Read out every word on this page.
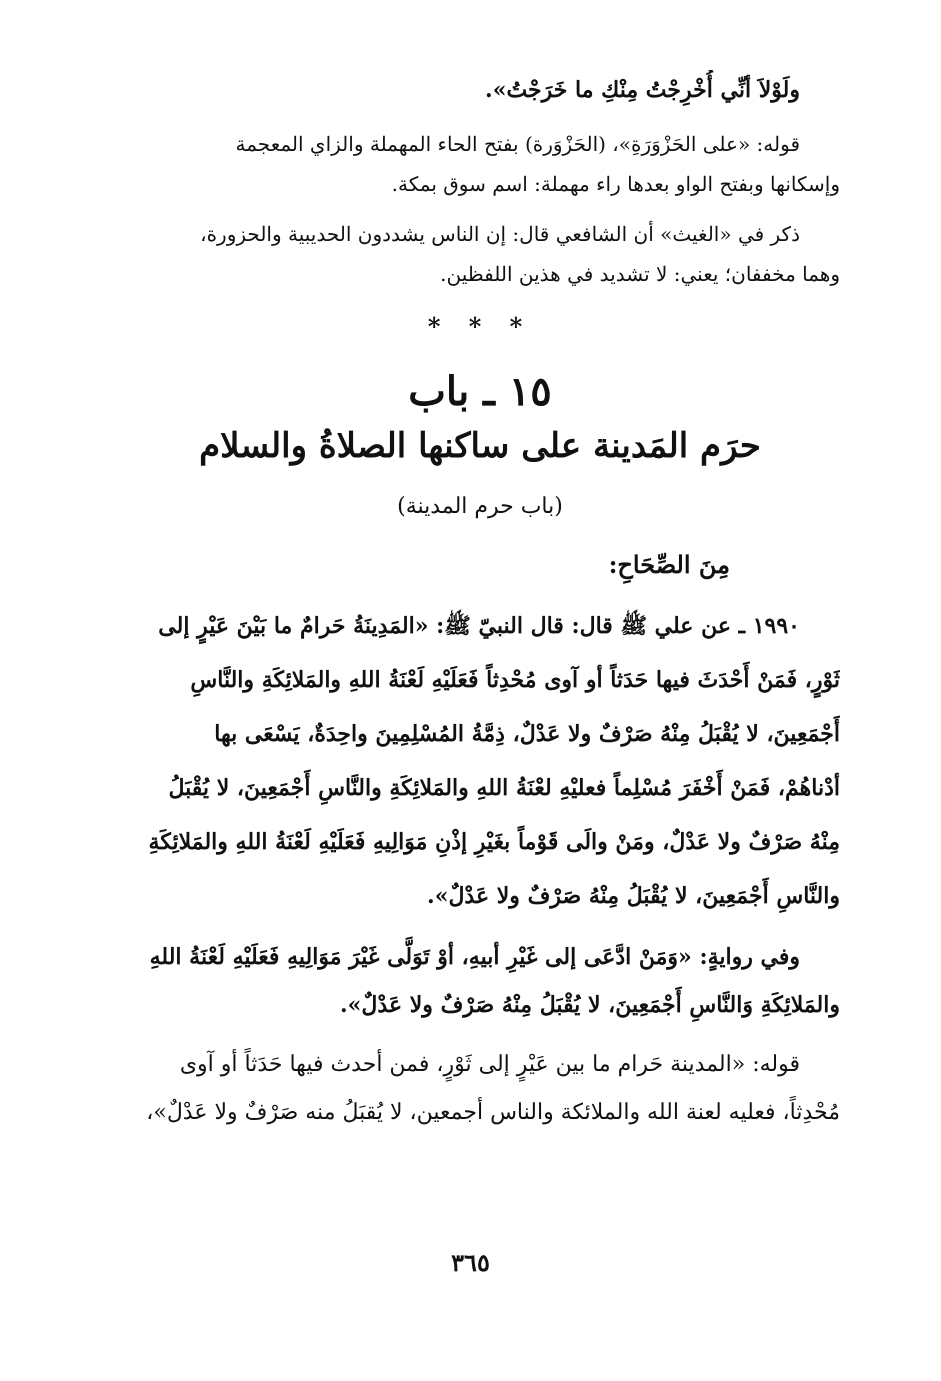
ولَوْلاَ أنِّي أُخْرِجْتُ مِنْكِ ما خَرَجْتُ».
قوله: «على الحَزْوَرَةِ»، (الحَزْوَرة) بفتح الحاء المهملة والزاي المعجمة
وإسكانها وبفتح الواو بعدها راء مهملة: اسم سوق بمكة.
ذكر في «الغيث» أن الشافعي قال: إن الناس يشددون الحديبية والحزورة،
وهما مخففان؛ يعني: لا تشديد في هذين اللفظين.
* * *
١٥ ـ باب
حرَم المَدينة على ساكنها الصلاةُ والسلام
(باب حرم المدينة)
مِنَ الصِّحَاحِ:
١٩٩٠ ـ عن علي ﷺ قال: قال النبيّ ﷺ: «المَدِينَةُ حَرامٌ ما بَيْنَ عَيْرٍ إلى
ثَوْرٍ، فَمَنْ أَحْدَثَ فيها حَدَثاً أو آوى مُحْدِثاً فَعَلَيْهِ لَعْنَةُ اللهِ والمَلائِكَةِ والنَّاسِ
أَجْمَعِينَ، لا يُقْبَلُ مِنْهُ صَرْفٌ ولا عَدْلٌ، ذِمَّةُ المُسْلِمِينَ واحِدَةٌ، يَسْعَى بها
أدْناهُمْ، فَمَنْ أَخْفَرَ مُسْلِماً فعليْهِ لعْنَةُ اللهِ والمَلائِكَةِ والنَّاسِ أَجْمَعِينَ، لا يُقْبَلُ
مِنْهُ صَرْفٌ ولا عَدْلٌ، ومَنْ والَى قَوْماً بغَيْرِ إذْنِ مَوَالِيهِ فَعَلَيْهِ لَعْنَةُ اللهِ والمَلائِكَةِ
والنَّاسِ أَجْمَعِينَ، لا يُقْبَلُ مِنْهُ صَرْفٌ ولا عَدْلٌ».
وفي روايةٍ: «وَمَنْ ادَّعَى إلى غَيْرِ أبيهِ، أوْ تَوَلَّى غَيْرَ مَوَالِيهِ فَعَلَيْهِ لَعْنَةُ اللهِ
والمَلائِكَةِ وَالنَّاسِ أَجْمَعِينَ، لا يُقْبَلُ مِنْهُ صَرْفٌ ولا عَدْلٌ».
قوله: «المدينة حَرام ما بين عَيْرٍ إلى ثَوْرٍ، فمن أحدث فيها حَدَثاً أو آوى
مُحْدِثاً، فعليه لعنة الله والملائكة والناس أجمعين، لا يُقبَلُ منه صَرْفٌ ولا عَدْلٌ»،
٣٦٥
